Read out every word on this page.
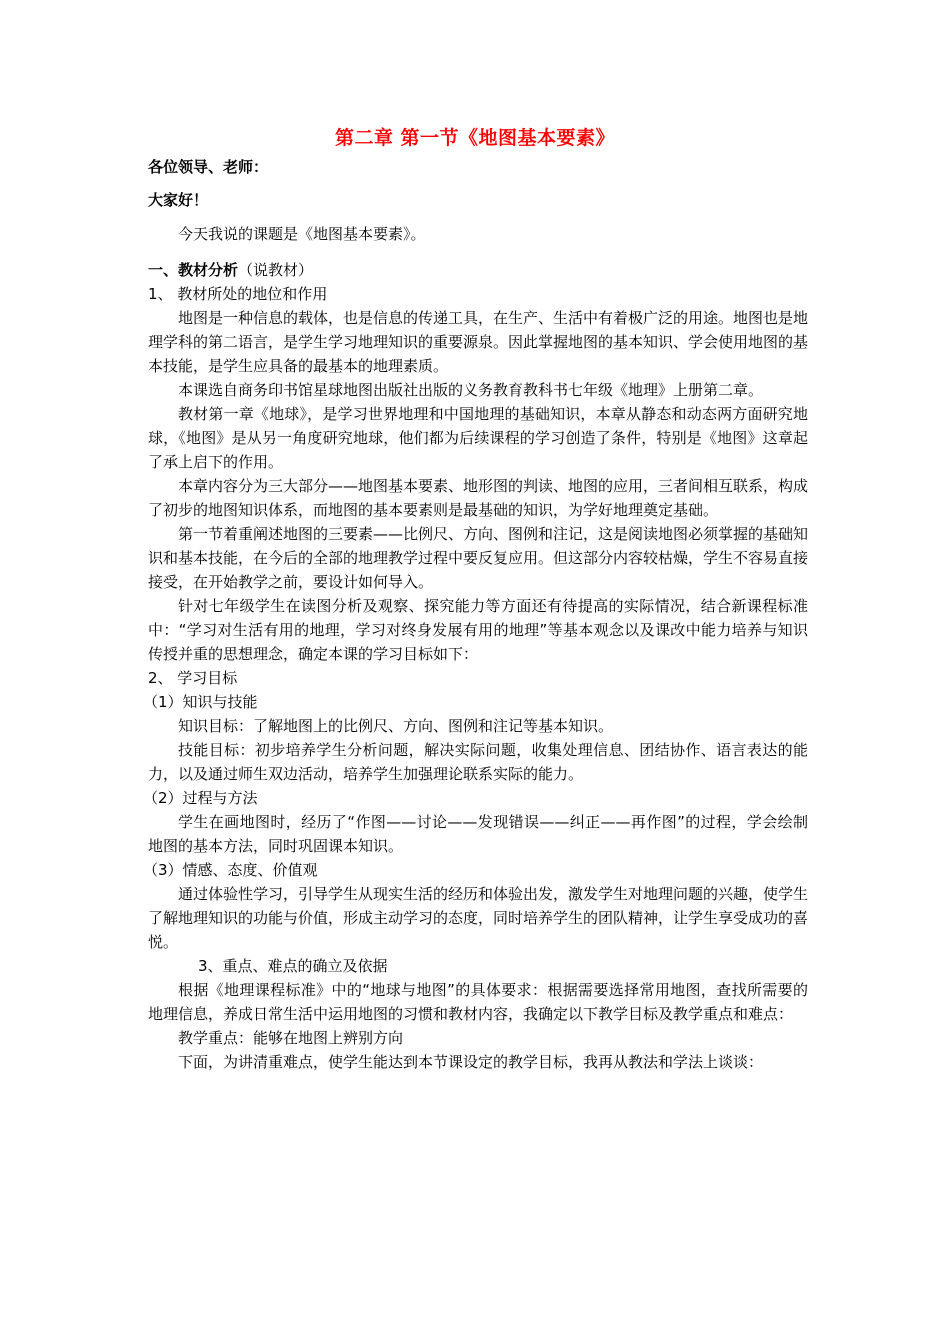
第二章 第一节《地图基本要素》
各位领导、老师：
大家好！

今天我说的课题是《地图基本要素》。

一、教材分析（说教材）

1、 教材所处的地位和作用

地图是一种信息的载体，也是信息的传递工具，在生产、生活中有着极广泛的用途。地图也是地理学科的第二语言，是学生学习地理知识的重要源泉。因此掌握地图的基本知识、学会使用地图的基本技能，是学生应具备的最基本的地理素质。

本课选自商务印书馆星球地图出版社出版的义务教育教科书七年级《地理》上册第二章。

教材第一章《地球》，是学习世界地理和中国地理的基础知识，本章从静态和动态两方面研究地球，《地图》是从另一角度研究地球，他们都为后续课程的学习创造了条件，特别是《地图》这章起了承上启下的作用。

本章内容分为三大部分——地图基本要素、地形图的判读、地图的应用，三者间相互联系，构成了初步的地图知识体系，而地图的基本要素则是最基础的知识，为学好地理奠定基础。

第一节着重阐述地图的三要素——比例尺、方向、图例和注记，这是阅读地图必须掌握的基础知识和基本技能，在今后的全部的地理教学过程中要反复应用。但这部分内容较枯燥，学生不容易直接接受，在开始教学之前，要设计如何导入。

针对七年级学生在读图分析及观察、探究能力等方面还有待提高的实际情况，结合新课程标准中：“学习对生活有用的地理，学习对终身发展有用的地理”等基本观念以及课改中能力培养与知识传授并重的思想理念，确定本课的学习目标如下：

2、 学习目标

（1）知识与技能

知识目标：了解地图上的比例尺、方向、图例和注记等基本知识。

技能目标：初步培养学生分析问题，解决实际问题，收集处理信息、团结协作、语言表达的能力，以及通过师生双边活动，培养学生加强理论联系实际的能力。

（2）过程与方法

学生在画地图时，经历了“作图——讨论——发现错误——纠正——再作图”的过程，学会绘制地图的基本方法，同时巩固课本知识。

（3）情感、态度、价值观

通过体验性学习，引导学生从现实生活的经历和体验出发，激发学生对地理问题的兴趣，使学生了解地理知识的功能与价值，形成主动学习的态度，同时培养学生的团队精神，让学生享受成功的喜悦。

3、重点、难点的确立及依据

根据《地理课程标准》中的“地球与地图”的具体要求：根据需要选择常用地图，查找所需要的地理信息，养成日常生活中运用地图的习惯和教材内容，我确定以下教学目标及教学重点和难点：

教学重点：能够在地图上辨别方向

下面，为讲清重难点，使学生能达到本节课设定的教学目标，我再从教法和学法上谈谈：
